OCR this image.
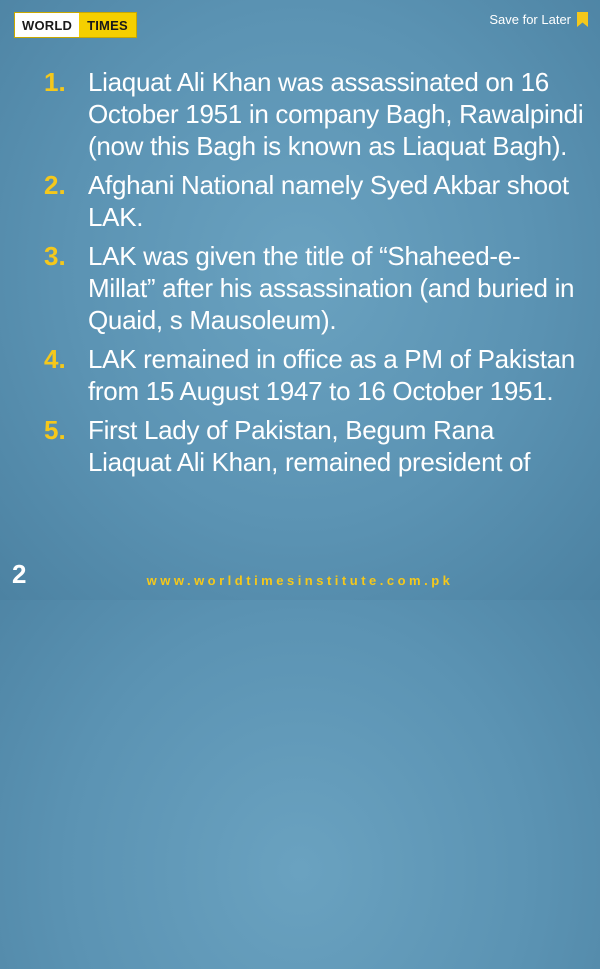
WORLD	TIMES	Save for Later
1. Liaquat Ali Khan was assassinated on 16 October 1951 in company Bagh, Rawalpindi (now this Bagh is known as Liaquat Bagh).
2. Afghani National namely Syed Akbar shoot LAK.
3. LAK was given the title of “Shaheed-e-Millat” after his assassination (and buried in Quaid, s Mausoleum).
4. LAK remained in office as a PM of Pakistan from 15 August 1947 to 16 October 1951.
5. First Lady of Pakistan, Begum Rana Liaquat Ali Khan, remained president of
2	www.worldtimesinstitute.com.pk
